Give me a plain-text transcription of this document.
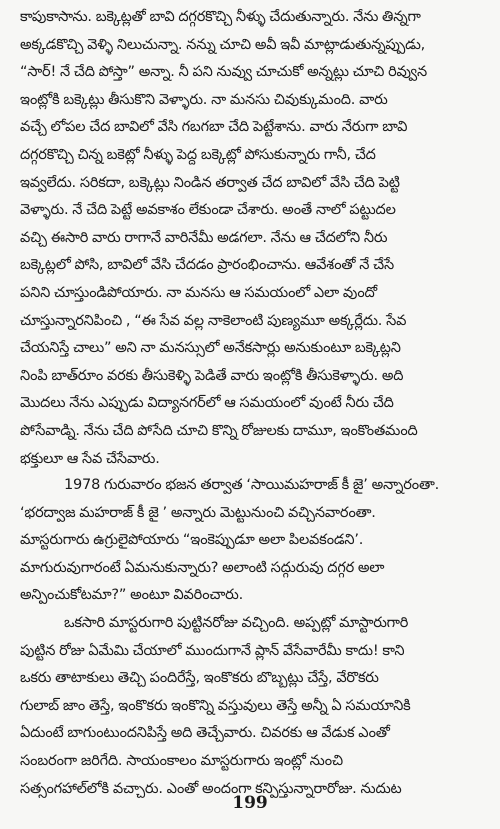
కాపుకాసాను. బక్కెట్లతో బావి దగ్గరకొచ్చి నీళ్ళు చేదుతున్నారు. నేను తిన్నగా
అక్కడకొచ్చి వెళ్ళి నిలుచున్నా. నన్ను చూచి అవీ ఇవీ మాట్లాడుతున్నప్పుడు,
“సార్! నే చేది పోస్తా” అన్నా. నీ పని నువ్వు చూచుకో అన్నట్లు చూచి రివ్వున
ఇంట్లోకి బక్కెట్లు తీసుకొని వెళ్ళారు. నా మనసు చివుక్కుమంది. వారు
వచ్చే లోపల చేద బావిలో వేసి గబగబా చేది పెట్టేశాను. వారు నేరుగా బావి
దగ్గరకొచ్చి చిన్న బకెట్లో నీళ్ళు పెద్ద బక్కెట్లో పోసుకున్నారు గానీ, చేద
ఇవ్వలేదు. సరికదా, బక్కెట్లు నిండిన తర్వాత చేద బావిలో వేసి చేది పెట్టి
వెళ్ళారు. నే చేది పెట్టే అవకాశం లేకుండా చేశారు. అంతే నాలో పట్టుదల
వచ్చి ఈసారి వారు రాగానే వారినేమీ అడగలా. నేను ఆ చేదలోని నీరు
బక్కెట్లలో పోసి, బావిలో వేసి చేదడం ప్రారంభించాను. ఆవేశంతో నే చేసే
పనిని చూస్తుండిపోయారు. నా మనసు ఆ సమయంలో ఎలా వుందో
చూస్తున్నారనిపించి , “ఈ సేవ వల్ల నాకెలాంటి పుణ్యమూ అక్కర్లేదు. సేవ
చేయనిస్తే చాలు” అని నా మనస్సులో అనేకసార్లు అనుకుంటూ బక్కెట్లని
నింపి బాత్‌రూం వరకు తీసుకెళ్ళి పెడితే వారు ఇంట్లోకి తీసుకెళ్ళారు. అది
మొదలు నేను ఎప్పుడు విద్యానగర్‌లో ఆ సమయంలో వుంటే నీరు చేది
పోసేవాడ్ని. నేను చేది పోసేది చూచి కొన్ని రోజులకు దామూ, ఇంకొంతమంది
భక్తులూ ఆ సేవ చేసేవారు.
1978 గురువారం భజన తర్వాత ‘సాయిమహరాజ్ కీ జై’ అన్నారంతా.
‘భరద్వాజ మహరాజ్ కీ జై ’ అన్నారు మెట్టునుంచి వచ్చినవారంతా.
మాస్టరుగారు ఉగ్రులైపోయారు “ఇంకెప్పుడూ అలా పిలవకండని’.
మాగురువుగారంటే ఏమనుకున్నారు? అలాంటి సద్గురువు దగ్గర అలా
అన్పించుకోటమా?” అంటూ వివరించారు.
ఒకసారి మాస్టరుగారి పుట్టినరోజు వచ్చింది. అప్పట్లో మాస్టారుగారి
పుట్టిన రోజు ఏమేమి చేయాలో ముందుగానే ప్లాన్ వేసేవారేమీ కాదు! కాని
ఒకరు తాటాకులు తెచ్చి పందిరేస్తే, ఇంకొకరు బొబ్బట్లు చేస్తే, వేరొకరు
గులాబ్ జాం తెస్తే, ఇంకొకరు ఇంకొన్ని వస్తువులు తెస్తే అన్నీ ఏ సమయానికి
ఏదుంటే బాగుంటుందనిపిస్తే అది తెచ్చేవారు. చివరకు ఆ వేడుక ఎంతో
సంబరంగా జరిగేది. సాయంకాలం మాస్టరుగారు ఇంట్లో నుంచి
సత్సంగహాల్‌లోకి వచ్చారు. ఎంతో అందంగా కన్పిస్తున్నారారోజు. నుదుట
199
